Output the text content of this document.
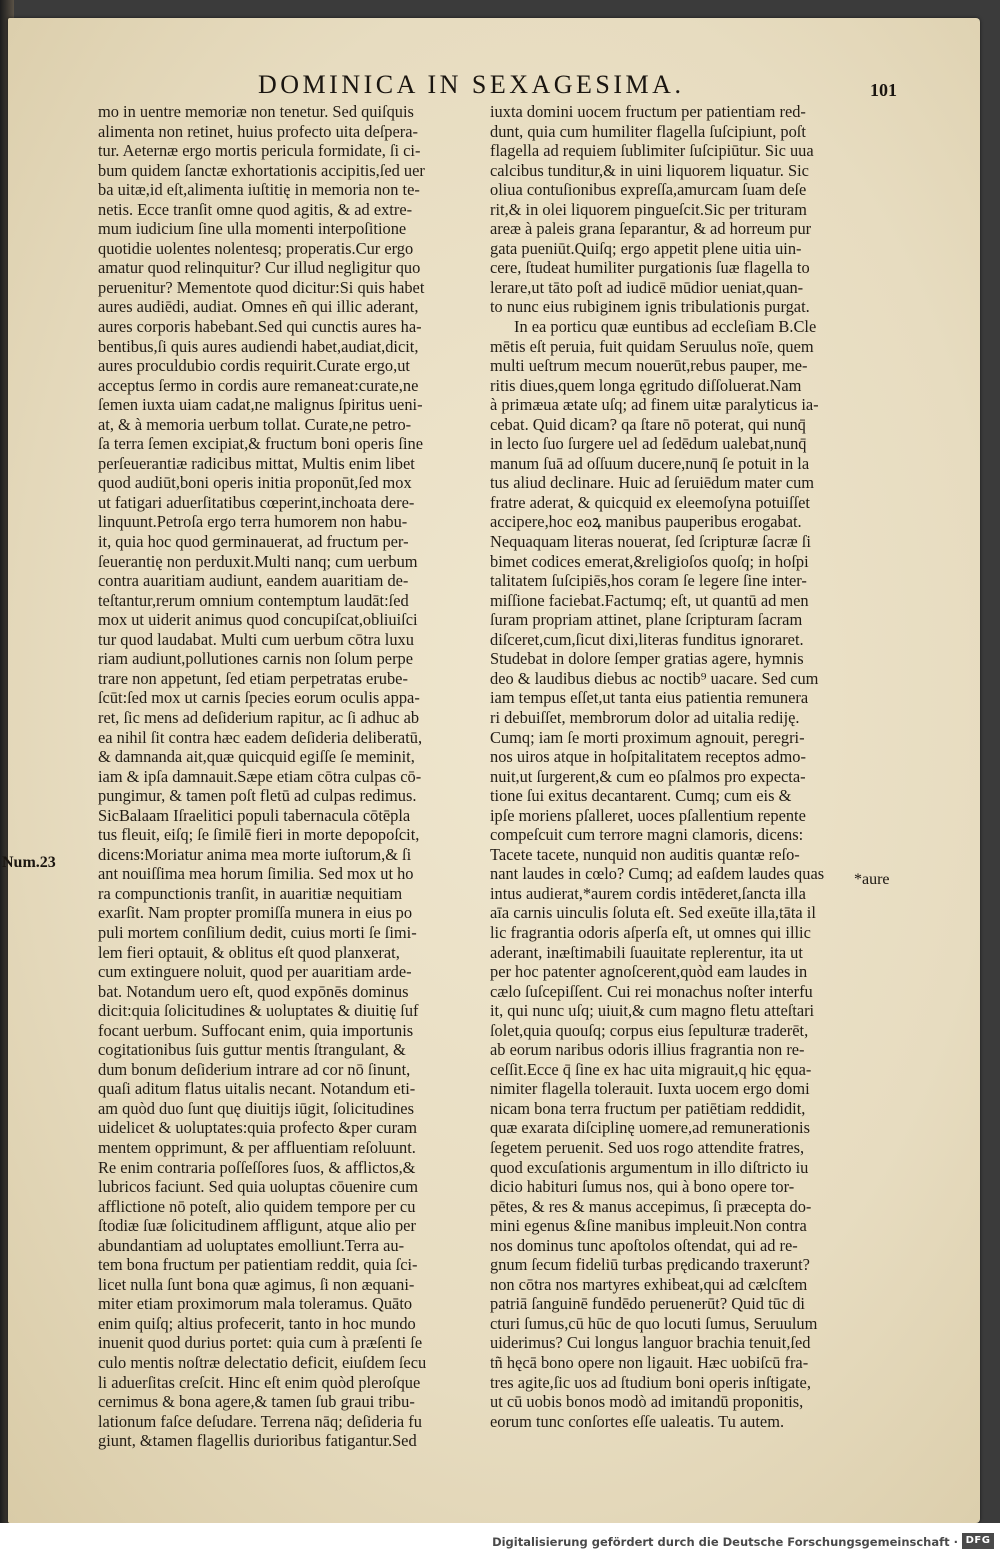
DOMINICA IN SEXAGESIMA.	101
mo in uentre memoriæ non tenetur. Sed quiſquis
alimenta non retinet, huius profecto uita deſpera-
tur. Aeternæ ergo mortis pericula formidate, ſi ci-
bum quidem ſanctæ exhortationis accipitis,ſed uer
ba uitæ,id eſt,alimenta iuſtitię in memoria non te-
netis. Ecce tranſit omne quod agitis, & ad extre-
mum iudicium ſine ulla momenti interpoſitione
quotidie uolentes nolentesq; properatis.Cur ergo
amatur quod relinquitur? Cur illud negligitur quo
peruenitur? Mementote quod dicitur:Si quis habet
aures audiēdi, audiat. Omnes eñ qui illic aderant,
aures corporis habebant.Sed qui cunctis aures ha-
bentibus,ſi quis aures audiendi habet,audiat,dicit,
aures proculdubio cordis requirit.Curate ergo,ut
acceptus ſermo in cordis aure remaneat:curate,ne
ſemen iuxta uiam cadat,ne malignus ſpiritus ueni-
at, & à memoria uerbum tollat. Curate,ne petro-
ſa terra ſemen excipiat,& fructum boni operis ſine
perſeuerantiæ radicibus mittat, Multis enim libet
quod audiūt,boni operis initia proponūt,ſed mox
ut fatigari aduerſitatibus cœperint,inchoata dere-
linquunt.Petroſa ergo terra humorem non habu-
it, quia hoc quod germinauerat, ad fructum per-
ſeuerantię non perduxit.Multi nanq; cum uerbum
contra auaritiam audiunt, eandem auaritiam de-
teſtantur,rerum omnium contemptum laudāt:ſed
mox ut uiderit animus quod concupiſcat,obliuiſci
tur quod laudabat. Multi cum uerbum cōtra luxu
riam audiunt,pollutiones carnis non ſolum perpe
trare non appetunt, ſed etiam perpetratas erube-
ſcūt:ſed mox ut carnis ſpecies eorum oculis appa-
ret, ſic mens ad deſiderium rapitur, ac ſi adhuc ab
ea nihil ſit contra hæc eadem deſideria deliberatū,
& damnanda ait,quæ quicquid egiſſe ſe meminit,
iam & ipſa damnauit.Sæpe etiam cōtra culpas cō-
pungimur, & tamen poſt fletū ad culpas redimus.
SicBalaam Iſraelitici populi tabernacula cōtēpla
tus fleuit, eiſq; ſe ſimilē fieri in morte depopoſcit,
dicens:Moriatur anima mea morte iuſtorum,& ſi
ant nouiſſima mea horum ſimilia. Sed mox ut ho
ra compunctionis tranſit, in auaritiæ nequitiam
exarſit. Nam propter promiſſa munera in eius po
puli mortem conſilium dedit, cuius morti ſe ſimi-
lem fieri optauit, & oblitus eſt quod planxerat,
cum extinguere noluit, quod per auaritiam arde-
bat. Notandum uero eſt, quod expōnēs dominus
dicit:quia ſolicitudines & uoluptates & diuitię ſuf
focant uerbum. Suffocant enim, quia importunis
cogitationibus ſuis guttur mentis ſtrangulant, &
dum bonum deſiderium intrare ad cor nō ſinunt,
quaſi aditum flatus uitalis necant. Notandum eti-
am quòd duo ſunt quę diuitijs iūgit, ſolicitudines
uidelicet & uoluptates:quia profecto &per curam
mentem opprimunt, & per affluentiam reſoluunt.
Re enim contraria poſſeſſores ſuos, & afflictos,&
lubricos faciunt. Sed quia uoluptas cōuenire cum
afflictione nō poteſt, alio quidem tempore per cu
ſtodiæ ſuæ ſolicitudinem affligunt, atque alio per
abundantiam ad uoluptates emolliunt.Terra au-
tem bona fructum per patientiam reddit, quia ſci-
licet nulla ſunt bona quæ agimus, ſi non æquani-
miter etiam proximorum mala toleramus. Quāto
enim quiſq; altius profecerit, tanto in hoc mundo
inuenit quod durius portet: quia cum à præſenti ſe
culo mentis noſtræ delectatio deficit, eiuſdem ſecu
li aduerſitas creſcit. Hinc eſt enim quòd pleroſque
cernimus & bona agere,& tamen ſub graui tribu-
lationum faſce deſudare. Terrena nāq; deſideria fu
giunt, &tamen flagellis durioribus fatigantur.Sed
iuxta domini uocem fructum per patientiam red-
dunt, quia cum humiliter flagella ſuſcipiunt, poſt
flagella ad requiem ſublimiter ſuſcipiūtur. Sic uua
calcibus tunditur,& in uini liquorem liquatur. Sic
oliua contuſionibus expreſſa,amurcam ſuam deſe
rit,& in olei liquorem pingueſcit.Sic per trituram
areæ à paleis grana ſeparantur, & ad horreum pur
gata pueniūt.Quiſq; ergo appetit plene uitia uin-
cere, ſtudeat humiliter purgationis ſuæ flagella to
lerare,ut tāto poſt ad iudicē mūdior ueniat,quan-
to nunc eius rubiginem ignis tribulationis purgat.
In ea porticu quæ euntibus ad eccleſiam B.Cle
mētis eſt peruia, fuit quidam Seruulus noīe, quem
multi ueſtrum mecum nouerūt,rebus pauper, me-
ritis diues,quem longa ęgritudo diſſoluerat.Nam
à primæua ætate uſq; ad finem uitæ paralyticus ia-
cebat. Quid dicam? qa ſtare nō poterat, qui nunq̄
in lecto ſuo ſurgere uel ad ſedēdum ualebat,nunq̄
manum ſuā ad oſſuum ducere,nunq̄ ſe potuit in la
tus aliud declinare. Huic ad ſeruiēdum mater cum
fratre aderat, & quicquid ex eleemoſyna potuiſſet
accipere,hoc eoꝝ manibus pauperibus erogabat.
Nequaquam literas nouerat, ſed ſcripturæ ſacræ ſi
bimet codices emerat,&religioſos quoſq; in hoſpi
talitatem ſuſcipiēs,hos coram ſe legere ſine inter-
miſſione faciebat.Factumq; eſt, ut quantū ad men
ſuram propriam attinet, plane ſcripturam ſacram
diſceret,cum,ſicut dixi,literas funditus ignoraret.
Studebat in dolore ſemper gratias agere, hymnis
deo & laudibus diebus ac noctib⁹ uacare. Sed cum
iam tempus eſſet,ut tanta eius patientia remunera
ri debuiſſet, membrorum dolor ad uitalia rediję.
Cumq; iam ſe morti proximum agnouit, peregri-
nos uiros atque in hoſpitalitatem receptos admo-
nuit,ut ſurgerent,& cum eo pſalmos pro expecta-
tione ſui exitus decantarent. Cumq; cum eis &
ipſe moriens pſalleret, uoces pſallentium repente
compeſcuit cum terrore magni clamoris, dicens:
Tacete tacete, nunquid non auditis quantæ reſo-
nant laudes in cœlo? Cumq; ad eaſdem laudes quas
intus audierat,*aurem cordis intēderet,ſancta illa
aīa carnis uinculis ſoluta eſt. Sed exeūte illa,tāta il
lic fragrantia odoris aſperſa eſt, ut omnes qui illic
aderant, inæſtimabili ſuauitate replerentur, ita ut
per hoc patenter agnoſcerent,quòd eam laudes in
cælo ſuſcepiſſent. Cui rei monachus noſter interfu
it, qui nunc uſq; uiuit,& cum magno fletu atteſtari
ſolet,quia quouſq; corpus eius ſepulturæ traderēt,
ab eorum naribus odoris illius fragrantia non re-
ceſſit.Ecce q̄ ſine ex hac uita migrauit,q hic ęqua-
nimiter flagella tolerauit. Iuxta uocem ergo domi
nicam bona terra fructum per patiētiam reddidit,
quæ exarata diſciplinę uomere,ad remunerationis
ſegetem peruenit. Sed uos rogo attendite fratres,
quod excuſationis argumentum in illo diſtricto iu
dicio habituri ſumus nos, qui à bono opere tor-
pētes, & res & manus accepimus, ſi præcepta do-
mini egenus &ſine manibus impleuit.Non contra
nos dominus tunc apoſtolos oſtendat, qui ad re-
gnum ſecum fideliū turbas prędicando traxerunt?
non cōtra nos martyres exhibeat,qui ad cælcſtem
patriā ſanguinē fundēdo peruenerūt? Quid tūc di
cturi ſumus,cū hūc de quo locuti ſumus, Seruulum
uiderimus? Cui longus languor brachia tenuit,ſed
tñ hęcā bono opere non ligauit. Hæc uobiſcū fra-
tres agite,ſic uos ad ſtudium boni operis inſtigate,
ut cū uobis bonos modò ad imitandū proponitis,
eorum tunc conſortes eſſe ualeatis. Tu autem.
Num.23
*aure
Digitalisierung gefördert durch die Deutsche Forschungsgemeinschaft · DFG
